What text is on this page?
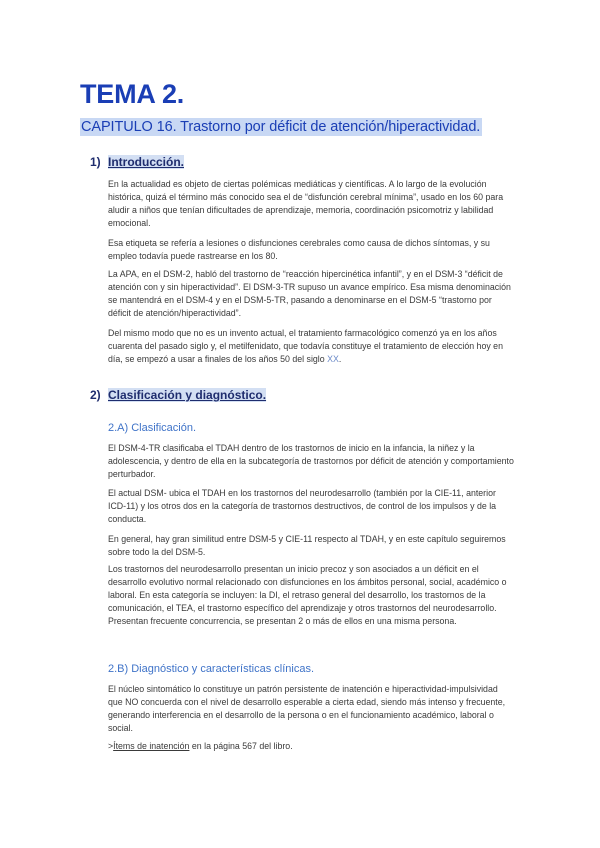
TEMA 2.
CAPITULO 16. Trastorno por déficit de atención/hiperactividad.
1) Introducción.

En la actualidad es objeto de ciertas polémicas mediáticas y científicas. A lo largo de la evolución histórica, quizá el término más conocido sea el de “disfunción cerebral mínima”, usado en los 60 para aludir a niños que tenían dificultades de aprendizaje, memoria, coordinación psicomotriz y labilidad emocional.

Esa etiqueta se refería a lesiones o disfunciones cerebrales como causa de dichos síntomas, y su empleo todavía puede rastrearse en los 80.

La APA, en el DSM-2, habló del trastorno de “reacción hipercinética infantil”, y en el DSM-3 “déficit de atención con y sin hiperactividad”. El DSM-3-TR supuso un avance empírico. Esa misma denominación se mantendrá en el DSM-4 y en el DSM-5-TR, pasando a denominarse en el DSM-5 “trastorno por déficit de atención/hiperactividad”.

Del mismo modo que no es un invento actual, el tratamiento farmacológico comenzó ya en los años cuarenta del pasado siglo y, el metilfenidato, que todavía constituye el tratamiento de elección hoy en día, se empezó a usar a finales de los años 50 del siglo XX.

2) Clasificación y diagnóstico.
2.A) Clasificación.

El DSM-4-TR clasificaba el TDAH dentro de los trastornos de inicio en la infancia, la niñez y la adolescencia, y dentro de ella en la subcategoría de trastornos por déficit de atención y comportamiento perturbador.

El actual DSM- ubica el TDAH en los trastornos del neurodesarrollo (también por la CIE-11, anterior ICD-11) y los otros dos en la categoría de trastornos destructivos, de control de los impulsos y de la conducta.

En general, hay gran similitud entre DSM-5 y CIE-11 respecto al TDAH, y en este capítulo seguiremos sobre todo la del DSM-5.

Los trastornos del neurodesarrollo presentan un inicio precoz y son asociados a un déficit en el desarrollo evolutivo normal relacionado con disfunciones en los ámbitos personal, social, académico o laboral. En esta categoría se incluyen: la DI, el retraso general del desarrollo, los trastornos de la comunicación, el TEA, el trastorno específico del aprendizaje y otros trastornos del neurodesarrollo. Presentan frecuente concurrencia, se presentan 2 o más de ellos en una misma persona.

2.B) Diagnóstico y características clínicas.

El núcleo sintomático lo constituye un patrón persistente de inatención e hiperactividad-impulsividad que NO concuerda con el nivel de desarrollo esperable a cierta edad, siendo más intenso y frecuente, generando interferencia en el desarrollo de la persona o en el funcionamiento académico, laboral o social.

>Ítems de inatención en la página 567 del libro.
